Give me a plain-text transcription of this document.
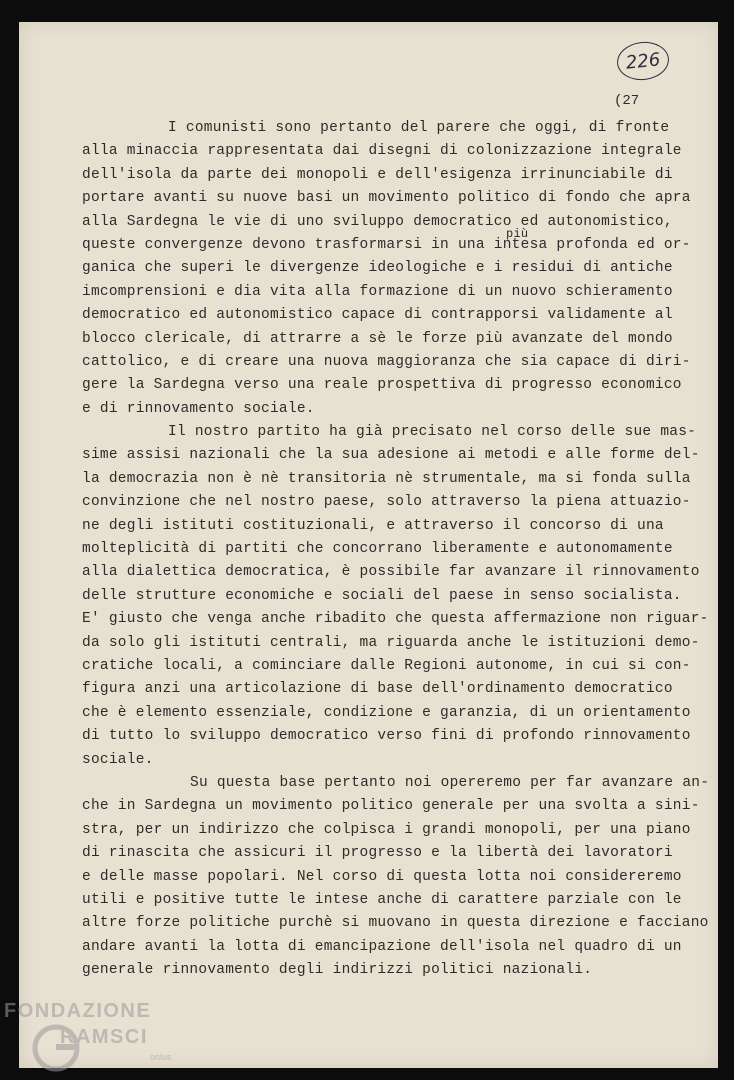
226
(27
I comunisti sono pertanto del parere che oggi, di fronte
alla minaccia rappresentata dai disegni di colonizzazione integrale
dell'isola da parte dei monopoli e dell'esigenza irrinunciabile di
portare avanti su nuove basi un movimento politico di fondo che apra
alla Sardegna le vie di uno sviluppo democratico ed autonomistico,
più
queste convergenze devono trasformarsi in una intesa profonda ed or-
ganica che superi le divergenze ideologiche e i residui di antiche
imcomprensioni e dia vita alla formazione di un nuovo schieramento
democratico ed autonomistico capace di contrapporsi validamente al
blocco clericale, di attrarre a sè le forze più avanzate del mondo
cattolico, e di creare una nuova maggioranza che sia capace di diri-
gere la Sardegna verso una reale prospettiva di progresso economico
e di rinnovamento sociale.
Il nostro partito ha già precisato nel corso delle sue mas-
sime assisi nazionali che la sua adesione ai metodi e alle forme del-
la democrazia non è nè transitoria nè strumentale, ma si fonda sulla
convinzione che nel nostro paese, solo attraverso la piena attuazio-
ne degli istituti costituzionali, e attraverso il concorso di una
molteplicità di partiti che concorrano liberamente e autonomamente
alla dialettica democratica, è possibile far avanzare il rinnovamento
delle strutture economiche e sociali del paese in senso socialista.
E' giusto che venga anche ribadito che questa affermazione non riguar-
da solo gli istituti centrali, ma riguarda anche le istituzioni demo-
cratiche locali, a cominciare dalle Regioni autonome, in cui si con-
figura anzi una articolazione di base dell'ordinamento democratico
che è elemento essenziale, condizione e garanzia, di un orientamento
di tutto lo sviluppo democratico verso fini di profondo rinnovamento
sociale.
Su questa base pertanto noi opereremo per far avanzare an-
che in Sardegna un movimento politico generale per una svolta a sini-
stra, per un indirizzo che colpisca i grandi monopoli, per una piano
di rinascita che assicuri il progresso e la libertà dei lavoratori
e delle masse popolari. Nel corso di questa lotta noi considereremo
utili e positive tutte le intese anche di carattere parziale con le
altre forze politiche purchè si muovano in questa direzione e facciano
andare avanti la lotta di emancipazione dell'isola nel quadro di un
generale rinnovamento degli indirizzi politici nazionali.
FONDAZIONE
RAMSCI
onlus
